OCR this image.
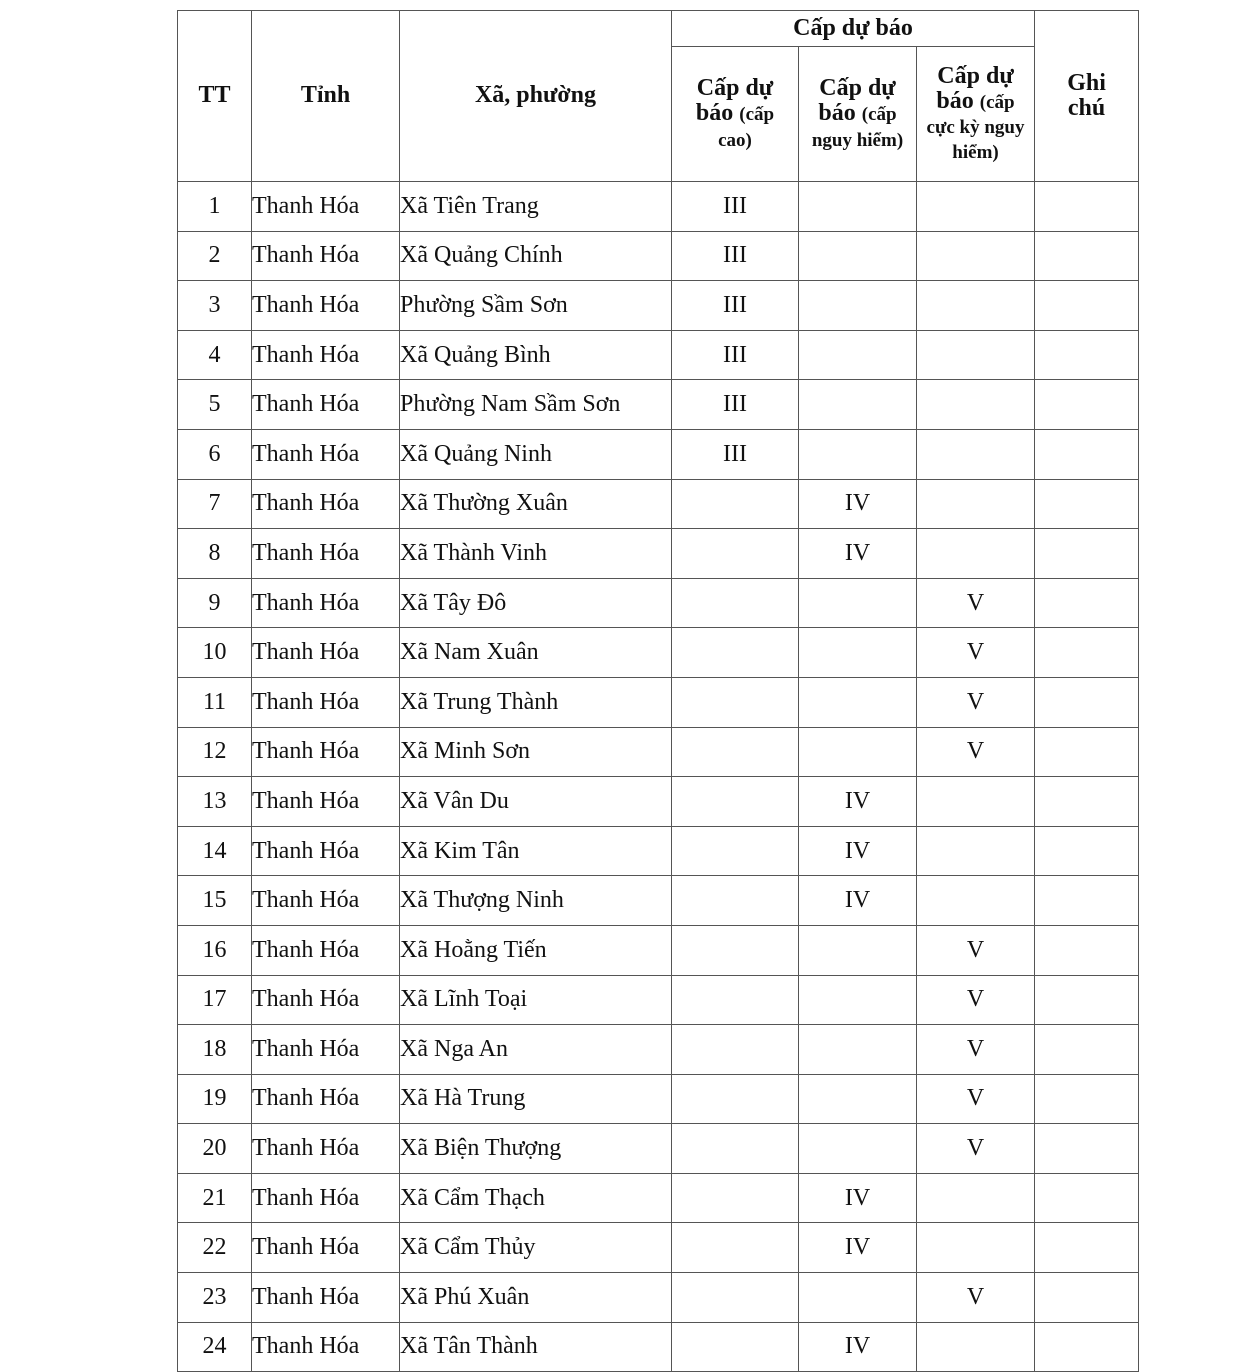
TT	Tỉnh	Xã, phường	Cấp dự báo			Ghi chú
			Cấp dự báo (cấp cao)	Cấp dự báo (cấp nguy hiểm)	Cấp dự báo (cấp cực kỳ nguy hiểm)	
1	Thanh Hóa	Xã Tiên Trang	III			
2	Thanh Hóa	Xã Quảng Chính	III			
3	Thanh Hóa	Phường Sầm Sơn	III			
4	Thanh Hóa	Xã Quảng Bình	III			
5	Thanh Hóa	Phường Nam Sầm Sơn	III			
6	Thanh Hóa	Xã Quảng Ninh	III			
7	Thanh Hóa	Xã Thường Xuân		IV		
8	Thanh Hóa	Xã Thành Vinh		IV		
9	Thanh Hóa	Xã Tây Đô			V	
10	Thanh Hóa	Xã Nam Xuân			V	
11	Thanh Hóa	Xã Trung Thành			V	
12	Thanh Hóa	Xã Minh Sơn			V	
13	Thanh Hóa	Xã Vân Du		IV		
14	Thanh Hóa	Xã Kim Tân		IV		
15	Thanh Hóa	Xã Thượng Ninh		IV		
16	Thanh Hóa	Xã Hoằng Tiến			V	
17	Thanh Hóa	Xã Lĩnh Toại			V	
18	Thanh Hóa	Xã Nga An			V	
19	Thanh Hóa	Xã Hà Trung			V	
20	Thanh Hóa	Xã Biện Thượng			V	
21	Thanh Hóa	Xã Cẩm Thạch		IV		
22	Thanh Hóa	Xã Cẩm Thủy		IV		
23	Thanh Hóa	Xã Phú Xuân			V	
24	Thanh Hóa	Xã Tân Thành		IV		
